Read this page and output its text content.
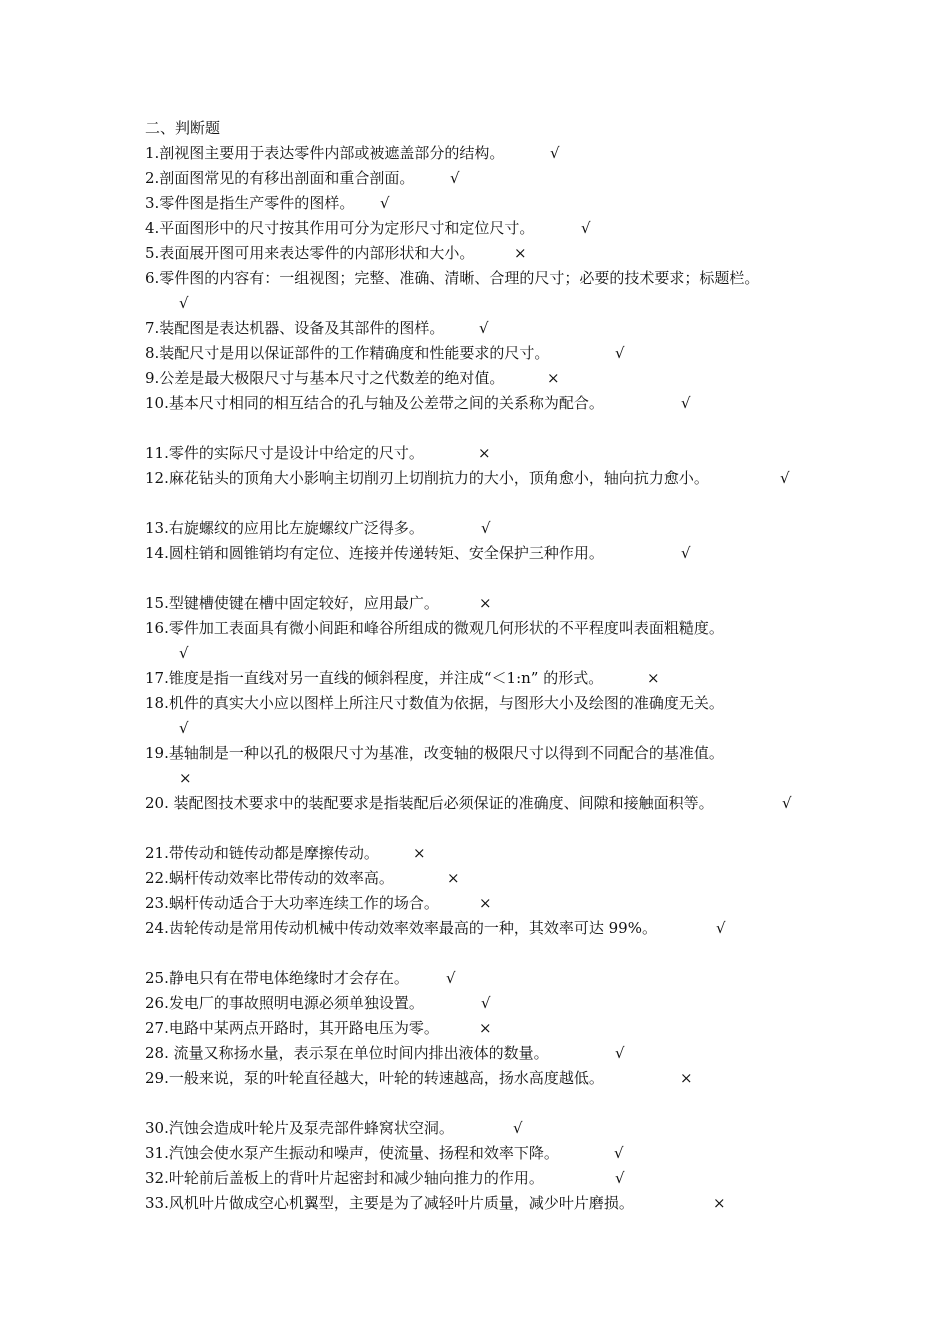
二、判断题
1.剖视图主要用于表达零件内部或被遮盖部分的结构。	√
2.剖面图常见的有移出剖面和重合剖面。 √
3.零件图是指生产零件的图样。 √
4.平面图形中的尺寸按其作用可分为定形尺寸和定位尺寸。	√
5.表面展开图可用来表达零件的内部形状和大小。	×
6.零件图的内容有：一组视图；完整、准确、清晰、合理的尺寸；必要的技术要求；标题栏。
√
7.装配图是表达机器、设备及其部件的图样。 √
8.装配尺寸是用以保证部件的工作精确度和性能要求的尺寸。	√
9.公差是最大极限尺寸与基本尺寸之代数差的绝对值。	×
10.基本尺寸相同的相互结合的孔与轴及公差带之间的关系称为配合。	√
11.零件的实际尺寸是设计中给定的尺寸。	×
12.麻花钻头的顶角大小影响主切削刃上切削抗力的大小，顶角愈小，轴向抗力愈小。	√
13.右旋螺纹的应用比左旋螺纹广泛得多。	√
14.圆柱销和圆锥销均有定位、连接并传递转矩、安全保护三种作用。	√
15.型键槽使键在槽中固定较好，应用最广。	×
16.零件加工表面具有微小间距和峰谷所组成的微观几何形状的不平程度叫表面粗糙度。
√
17.锥度是指一直线对另一直线的倾斜程度，并注成“＜1:n” 的形式。	×
18.机件的真实大小应以图样上所注尺寸数值为依据，与图形大小及绘图的准确度无关。
√
19.基轴制是一种以孔的极限尺寸为基准，改变轴的极限尺寸以得到不同配合的基准值。
×
20. 装配图技术要求中的装配要求是指装配后必须保证的准确度、间隙和接触面积等。	√
21.带传动和链传动都是摩擦传动。 ×
22.蜗杆传动效率比带传动的效率高。	×
23.蜗杆传动适合于大功率连续工作的场合。	×
24.齿轮传动是常用传动机械中传动效率效率最高的一种，其效率可达 99%。	√
25.静电只有在带电体绝缘时才会存在。 √
26.发电厂的事故照明电源必须单独设置。	√
27.电路中某两点开路时，其开路电压为零。	×
28. 流量又称扬水量，表示泵在单位时间内排出液体的数量。	√
29.一般来说，泵的叶轮直径越大，叶轮的转速越高，扬水高度越低。	×
30.汽蚀会造成叶轮片及泵壳部件蜂窝状空洞。	√
31.汽蚀会使水泵产生振动和噪声，使流量、扬程和效率下降。	√
32.叶轮前后盖板上的背叶片起密封和减少轴向推力的作用。	√
33.风机叶片做成空心机翼型，主要是为了减轻叶片质量，减少叶片磨损。	×
